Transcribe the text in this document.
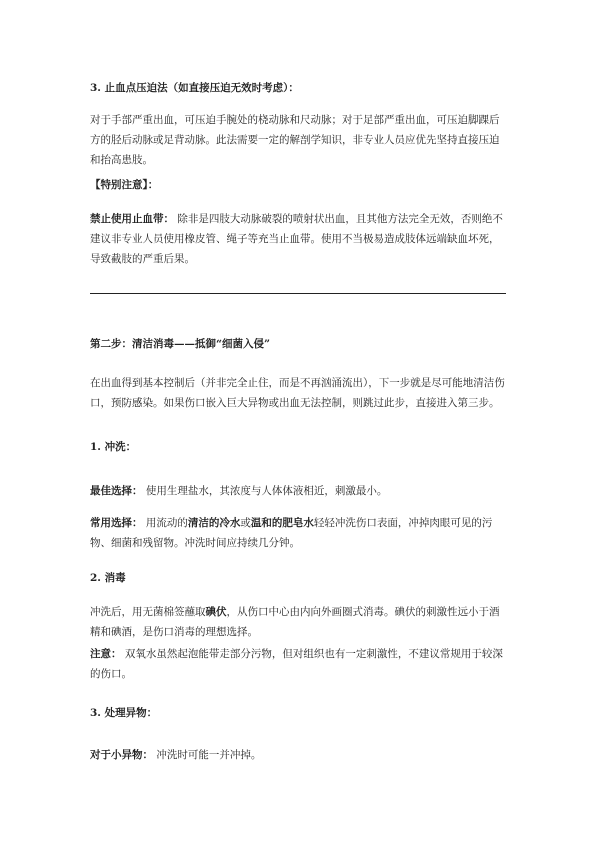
3. 止血点压迫法（如直接压迫无效时考虑）：
对于手部严重出血，可压迫手腕处的桡动脉和尺动脉；对于足部严重出血，可压迫脚踝后方的胫后动脉或足背动脉。此法需要一定的解剖学知识，非专业人员应优先坚持直接压迫和抬高患肢。
【特别注意】：
禁止使用止血带： 除非是四肢大动脉破裂的喷射状出血，且其他方法完全无效，否则绝不建议非专业人员使用橡皮管、绳子等充当止血带。使用不当极易造成肢体远端缺血坏死，导致截肢的严重后果。
第二步：清洁消毒——抵御“细菌入侵”
在出血得到基本控制后（并非完全止住，而是不再汹涌流出），下一步就是尽可能地清洁伤口，预防感染。如果伤口嵌入巨大异物或出血无法控制，则跳过此步，直接进入第三步。
1. 冲洗：
最佳选择： 使用生理盐水，其浓度与人体体液相近，刺激最小。
常用选择： 用流动的清洁的冷水或温和的肥皂水轻轻冲洗伤口表面，冲掉肉眼可见的污物、细菌和残留物。冲洗时间应持续几分钟。
2. 消毒
冲洗后，用无菌棉签蘸取碘伏，从伤口中心由内向外画圈式消毒。碘伏的刺激性远小于酒精和碘酒，是伤口消毒的理想选择。
注意： 双氧水虽然起泡能带走部分污物，但对组织也有一定刺激性，不建议常规用于较深的伤口。
3. 处理异物：
对于小异物： 冲洗时可能一并冲掉。
